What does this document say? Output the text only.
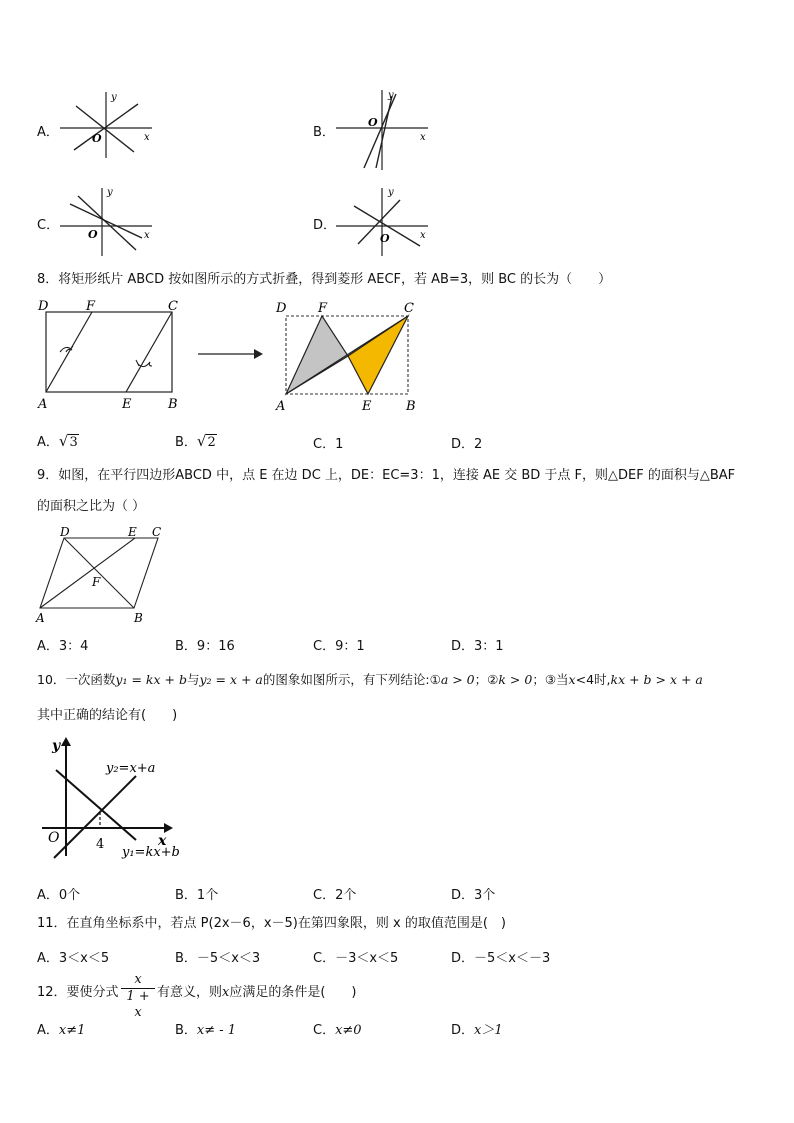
A．
y
x
O	B．
y
x
O
C．
y
x
O
D．
y
x
O
8．将矩形纸片 ABCD 按如图所示的方式折叠，得到菱形 AECF，若 AB=3，则 BC 的长为（　　）
D	F	C
A	E	B
D F	C
A	E	B
A．√3	B．√2	C．1	D．2
9．如图，在平行四边形ABCD 中，点 E 在边 DC 上，DE：EC=3：1，连接 AE 交 BD 于点 F，则△DEF 的面积与△BAF
的面积之比为（ ）
D	E C
F
A	B
A．3：4	B．9：16	C．9：1	D．3：1
10．一次函数y₁ = kx + b与y₂ = x + a的图象如图所示，有下列结论:①a > 0；②k > 0；③当x<4时,kx + b > x + a
其中正确的结论有(　　)
y
x
O	4
y₂=x+a
y₁=kx+b
A．0个	B．1个	C．2个	D．3个
11．在直角坐标系中，若点 P(2x－6，x－5)在第四象限，则 x 的取值范围是(　)
A．3＜x＜5	B．－5＜x＜3	C．－3＜x＜5	D．－5＜x＜－3
12．要使分式 $\frac{x}{1 + x}$ 有意义，则x应满足的条件是(　　)
A．x≠1	B．x≠ - 1	C．x≠0	D．x＞1
